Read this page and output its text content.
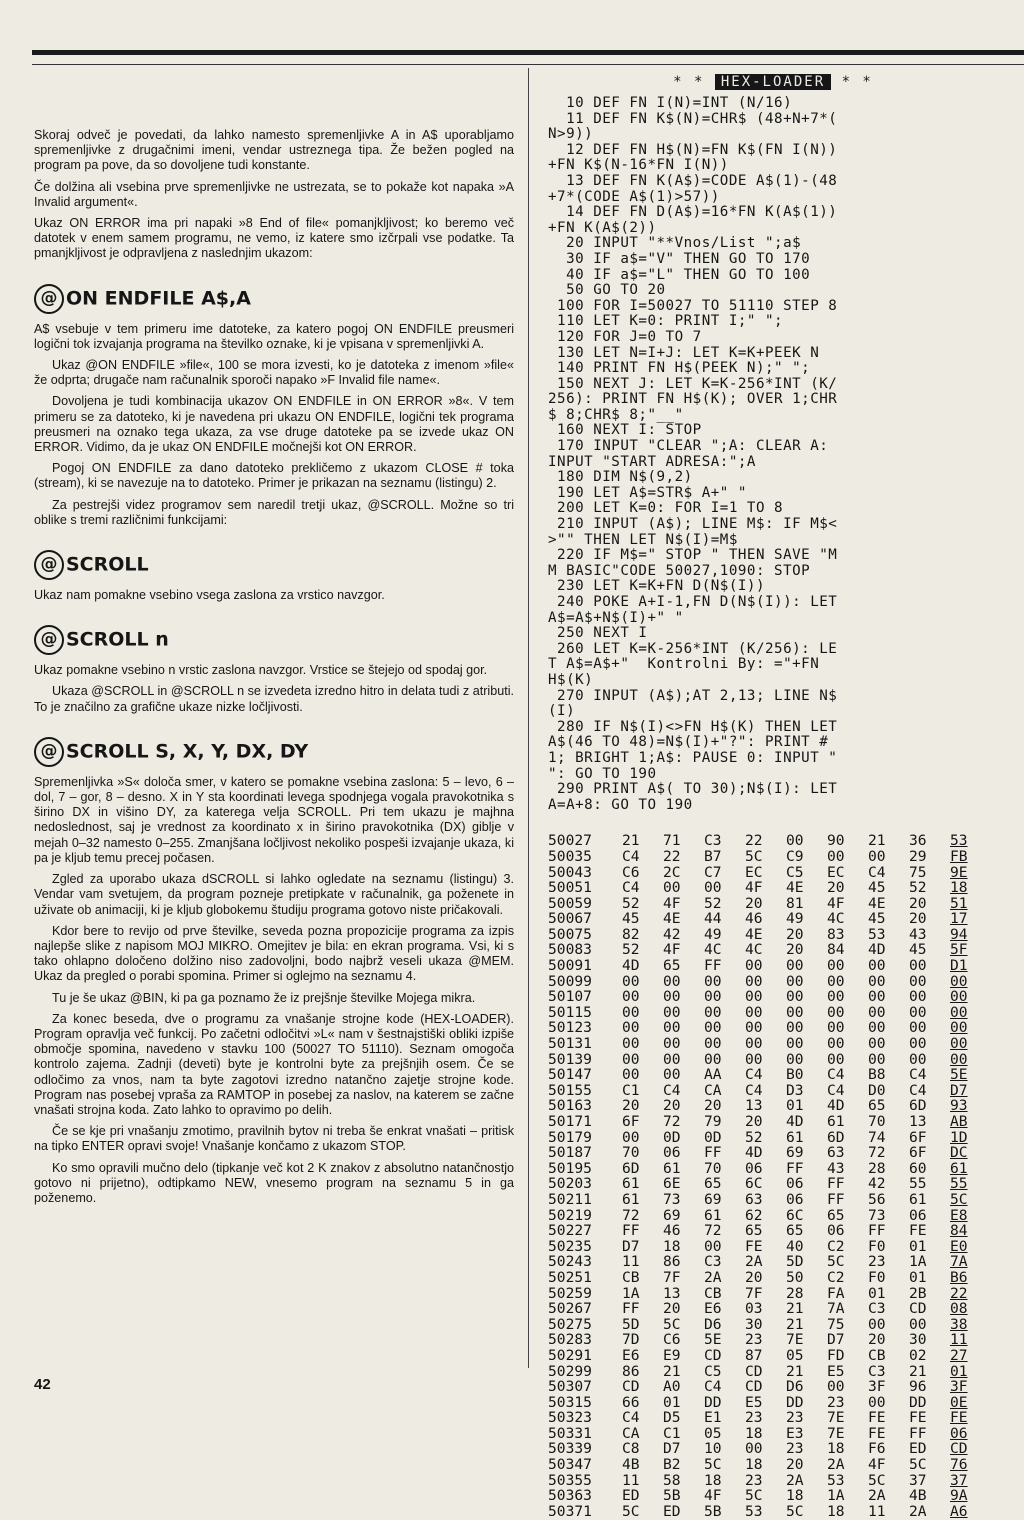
Skoraj odveč je povedati, da lahko namesto spremenljivke A in A$ uporabljamo spremenljivke z drugačnimi imeni, vendar ustreznega tipa. Že bežen pogled na program pa pove, da so dovoljene tudi konstante.

Če dolžina ali vsebina prve spremenljivke ne ustrezata, se to pokaže kot napaka »A Invalid argument«.

Ukaz ON ERROR ima pri napaki »8 End of file« pomanjkljivost; ko beremo več datotek v enem samem programu, ne vemo, iz katere smo izčrpali vse podatke. Ta pmanjkljivost je odpravljena z naslednjim ukazom:

@ ON ENDFILE A$,A

A$ vsebuje v tem primeru ime datoteke, za katero pogoj ON ENDFILE preusmeri logični tok izvajanja programa na številko oznake, ki je vpisana v spremenljivki A.

Ukaz @ON ENDFILE »file«, 100 se mora izvesti, ko je datoteka z imenom »file« že odprta; drugače nam računalnik sporoči napako »F Invalid file name«.

Dovoljena je tudi kombinacija ukazov ON ENDFILE in ON ERROR »8«. V tem primeru se za datoteko, ki je navedena pri ukazu ON ENDFILE, logični tek programa preusmeri na oznako tega ukaza, za vse druge datoteke pa se izvede ukaz ON ERROR. Vidimo, da je ukaz ON ENDFILE močnejši kot ON ERROR.

Pogoj ON ENDFILE za dano datoteko prekličemo z ukazom CLOSE # toka (stream), ki se navezuje na to datoteko. Primer je prikazan na seznamu (listingu) 2.

Za pestrejši videz programov sem naredil tretji ukaz, @SCROLL. Možne so tri oblike s tremi različnimi funkcijami:

@ SCROLL

Ukaz nam pomakne vsebino vsega zaslona za vrstico navzgor.

@ SCROLL n

Ukaz pomakne vsebino n vrstic zaslona navzgor. Vrstice se štejejo od spodaj gor.

Ukaza @SCROLL in @SCROLL n se izvedeta izredno hitro in delata tudi z atributi. To je značilno za grafične ukaze nizke ločljivosti.

@ SCROLL S, X, Y, DX, DY

Spremenljivka »S« določa smer, v katero se pomakne vsebina zaslona: 5 – levo, 6 – dol, 7 – gor, 8 – desno. X in Y sta koordinati levega spodnjega vogala pravokotnika s širino DX in višino DY, za katerega velja SCROLL. Pri tem ukazu je majhna nedoslednost, saj je vrednost za koordinato x in širino pravokotnika (DX) giblje v mejah 0–32 namesto 0–255. Zmanjšana ločljivost nekoliko pospeši izvajanje ukaza, ki pa je kljub temu precej počasen.

Zgled za uporabo ukaza dSCROLL si lahko ogledate na seznamu (listingu) 3. Vendar vam svetujem, da program pozneje pretipkate v računalnik, ga poženete in uživate ob animaciji, ki je kljub globokemu študiju programa gotovo niste pričakovali.

Kdor bere to revijo od prve številke, seveda pozna propozicije programa za izpis najlepše slike z napisom MOJ MIKRO. Omejitev je bila: en ekran programa. Vsi, ki s tako ohlapno določeno dolžino niso zadovoljni, bodo najbrž veseli ukaza @MEM. Ukaz da pregled o porabi spomina. Primer si oglejmo na seznamu 4.

Tu je še ukaz @BIN, ki pa ga poznamo že iz prejšnje številke Mojega mikra.

Za konec beseda, dve o programu za vnašanje strojne kode (HEX-LOADER). Program opravlja več funkcij. Po začetni odločitvi »L« nam v šestnajstiški obliki izpiše območje spomina, navedeno v stavku 100 (50027 TO 51110). Seznam omogoča kontrolo zajema. Zadnji (deveti) byte je kontrolni byte za prejšnjih osem. Če se odločimo za vnos, nam ta byte zagotovi izredno natančno zajetje strojne kode. Program nas posebej vpraša za RAMTOP in posebej za naslov, na katerem se začne vnašati strojna koda. Zato lahko to opravimo po delih.

Če se kje pri vnašanju zmotimo, pravilnih bytov ni treba še enkrat vnašati – pritisk na tipko ENTER opravi svoje! Vnašanje končamo z ukazom STOP.

Ko smo opravili mučno delo (tipkanje več kot 2 K znakov z absolutno natančnostjo gotovo ni prijetno), odtipkamo NEW, vnesemo program na seznamu 5 in ga poženemo.

42
* * HEX-LOADER * *
10 DEF FN I(N)=INT (N/16)
11 DEF FN K$(N)=CHR$ (48+N+7*(
N>9))
12 DEF FN H$(N)=FN K$(FN I(N))
+FN K$(N-16*FN I(N))
13 DEF FN K(A$)=CODE A$(1)-(48
+7*(CODE A$(1)>57))
14 DEF FN D(A$)=16*FN K(A$(1))
+FN K(A$(2))
20 INPUT "**Vnos/List ";a$
30 IF a$="V" THEN GO TO 170
40 IF a$="L" THEN GO TO 100
50 GO TO 20
100 FOR I=50027 TO 51110 STEP 8
110 LET K=0: PRINT I;" ";
120 FOR J=0 TO 7
130 LET N=I+J: LET K=K+PEEK N
140 PRINT FN H$(PEEK N);" ";
150 NEXT J: LET K=K-256*INT (K/
256): PRINT FN H$(K); OVER 1;CHR
$ 8;CHR$ 8;"__"
160 NEXT I: STOP
170 INPUT "CLEAR ";A: CLEAR A:
INPUT "START ADRESA:";A
180 DIM N$(9,2)
190 LET A$=STR$ A+" "
200 LET K=0: FOR I=1 TO 8
210 INPUT (A$); LINE M$: IF M$<
>"" THEN LET N$(I)=M$
220 IF M$=" STOP " THEN SAVE "M
M BASIC"CODE 50027,1090: STOP
230 LET K=K+FN D(N$(I))
240 POKE A+I-1,FN D(N$(I)): LET
A$=A$+N$(I)+" "
250 NEXT I
260 LET K=K-256*INT (K/256): LE
T A$=A$+"  Kontrolni By: ="+FN
H$(K)
270 INPUT (A$);AT 2,13; LINE N$
(I)
280 IF N$(I)<>FN H$(K) THEN LET
A$(46 TO 48)=N$(I)+"?": PRINT #
1; BRIGHT 1;A$: PAUSE 0: INPUT "
": GO TO 190
290 PRINT A$( TO 30);N$(I): LET
A=A+8: GO TO 190
50027	21	71	C3	22	00	90	21	36	53
50035	C4	22	B7	5C	C9	00	00	29	FB
50043	C6	2C	C7	EC	C5	EC	C4	75	9E
50051	C4	00	00	4F	4E	20	45	52	18
50059	52	4F	52	20	81	4F	4E	20	51
50067	45	4E	44	46	49	4C	45	20	17
50075	82	42	49	4E	20	83	53	43	94
50083	52	4F	4C	4C	20	84	4D	45	5F
50091	4D	65	FF	00	00	00	00	00	D1
50099	00	00	00	00	00	00	00	00	00
50107	00	00	00	00	00	00	00	00	00
50115	00	00	00	00	00	00	00	00	00
50123	00	00	00	00	00	00	00	00	00
50131	00	00	00	00	00	00	00	00	00
50139	00	00	00	00	00	00	00	00	00
50147	00	00	AA	C4	B0	C4	B8	C4	5E
50155	C1	C4	CA	C4	D3	C4	D0	C4	D7
50163	20	20	20	13	01	4D	65	6D	93
50171	6F	72	79	20	4D	61	70	13	AB
50179	00	0D	0D	52	61	6D	74	6F	1D
50187	70	06	FF	4D	69	63	72	6F	DC
50195	6D	61	70	06	FF	43	28	60	61
50203	61	6E	65	6C	06	FF	42	55	55
50211	61	73	69	63	06	FF	56	61	5C
50219	72	69	61	62	6C	65	73	06	E8
50227	FF	46	72	65	65	06	FF	FE	84
50235	D7	18	00	FE	40	C2	F0	01	E0
50243	11	86	C3	2A	5D	5C	23	1A	7A
50251	CB	7F	2A	20	50	C2	F0	01	B6
50259	1A	13	CB	7F	28	FA	01	2B	22
50267	FF	20	E6	03	21	7A	C3	CD	08
50275	5D	5C	D6	30	21	75	00	00	38
50283	7D	C6	5E	23	7E	D7	20	30	11
50291	E6	E9	CD	87	05	FD	CB	02	27
50299	86	21	C5	CD	21	E5	C3	21	01
50307	CD	A0	C4	CD	D6	00	3F	96	3F
50315	66	01	DD	E5	DD	23	00	DD	0E
50323	C4	D5	E1	23	23	7E	FE	FE	FE
50331	CA	C1	05	18	E3	7E	FE	FF	06
50339	C8	D7	10	00	23	18	F6	ED	CD
50347	4B	B2	5C	18	20	2A	4F	5C	76
50355	11	58	18	23	2A	53	5C	37	37
50363	ED	5B	4F	5C	18	1A	2A	4B	9A
50371	5C	ED	5B	53	5C	18	11	2A	A6
